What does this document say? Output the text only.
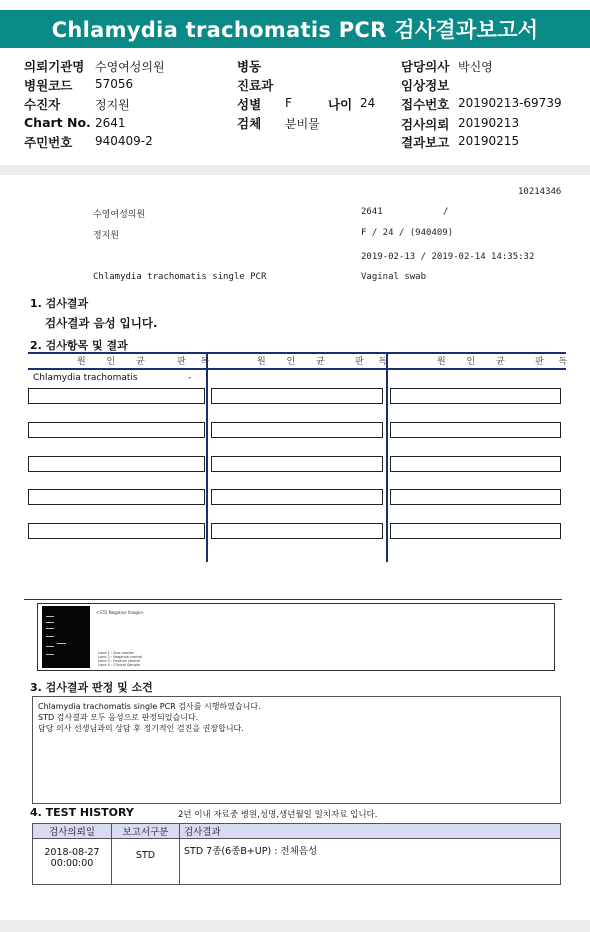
Chlamydia trachomatis PCR 검사결과보고서
의뢰기관명 수영여성의원	병동	담당의사 박신영
병원코드 57056	진료과	임상정보
수진자	정지원	성별 F	나이 24 접수번호 20190213-69739
Chart No. 2641	검체 분비물	검사의뢰 20190213
주민번호 940409-2	결과보고 20190215
10214346
수영여성의원	2641	/
정지원	F / 24 / (940409)
2019-02-13 / 2019-02-14 14:35:32
Chlamydia trachomatis single PCR	Vaginal swab
1. 검사결과
검사결과 음성 입니다.
2. 검사항목 및 결과
원 인 균	판 독	원 인 균 판 독	원 인 균 판 독
Chlamydia trachomatis	-
<STD Negative Image>
Lane 1 : Size marker
Lane 2 : Negative control
Lane 3 : Positive control
Lane 4 : Clinical Sample
3. 검사결과 판정 및 소견
Chlamydia trachomatis single PCR 검사를 시행하였습니다.
STD 검사결과 모두 음성으로 판정되었습니다.
담당 의사 선생님과의 상담 후 정기적인 검진을 권장합니다.
4. TEST HISTORY	2년 이내 자료중 병원,성명,생년월일 일치자료 입니다.
검사의뢰일	보고서구분	검사결과

2018-08-27
00:00:00	STD	STD 7종(6종B+UP) : 전체음성
